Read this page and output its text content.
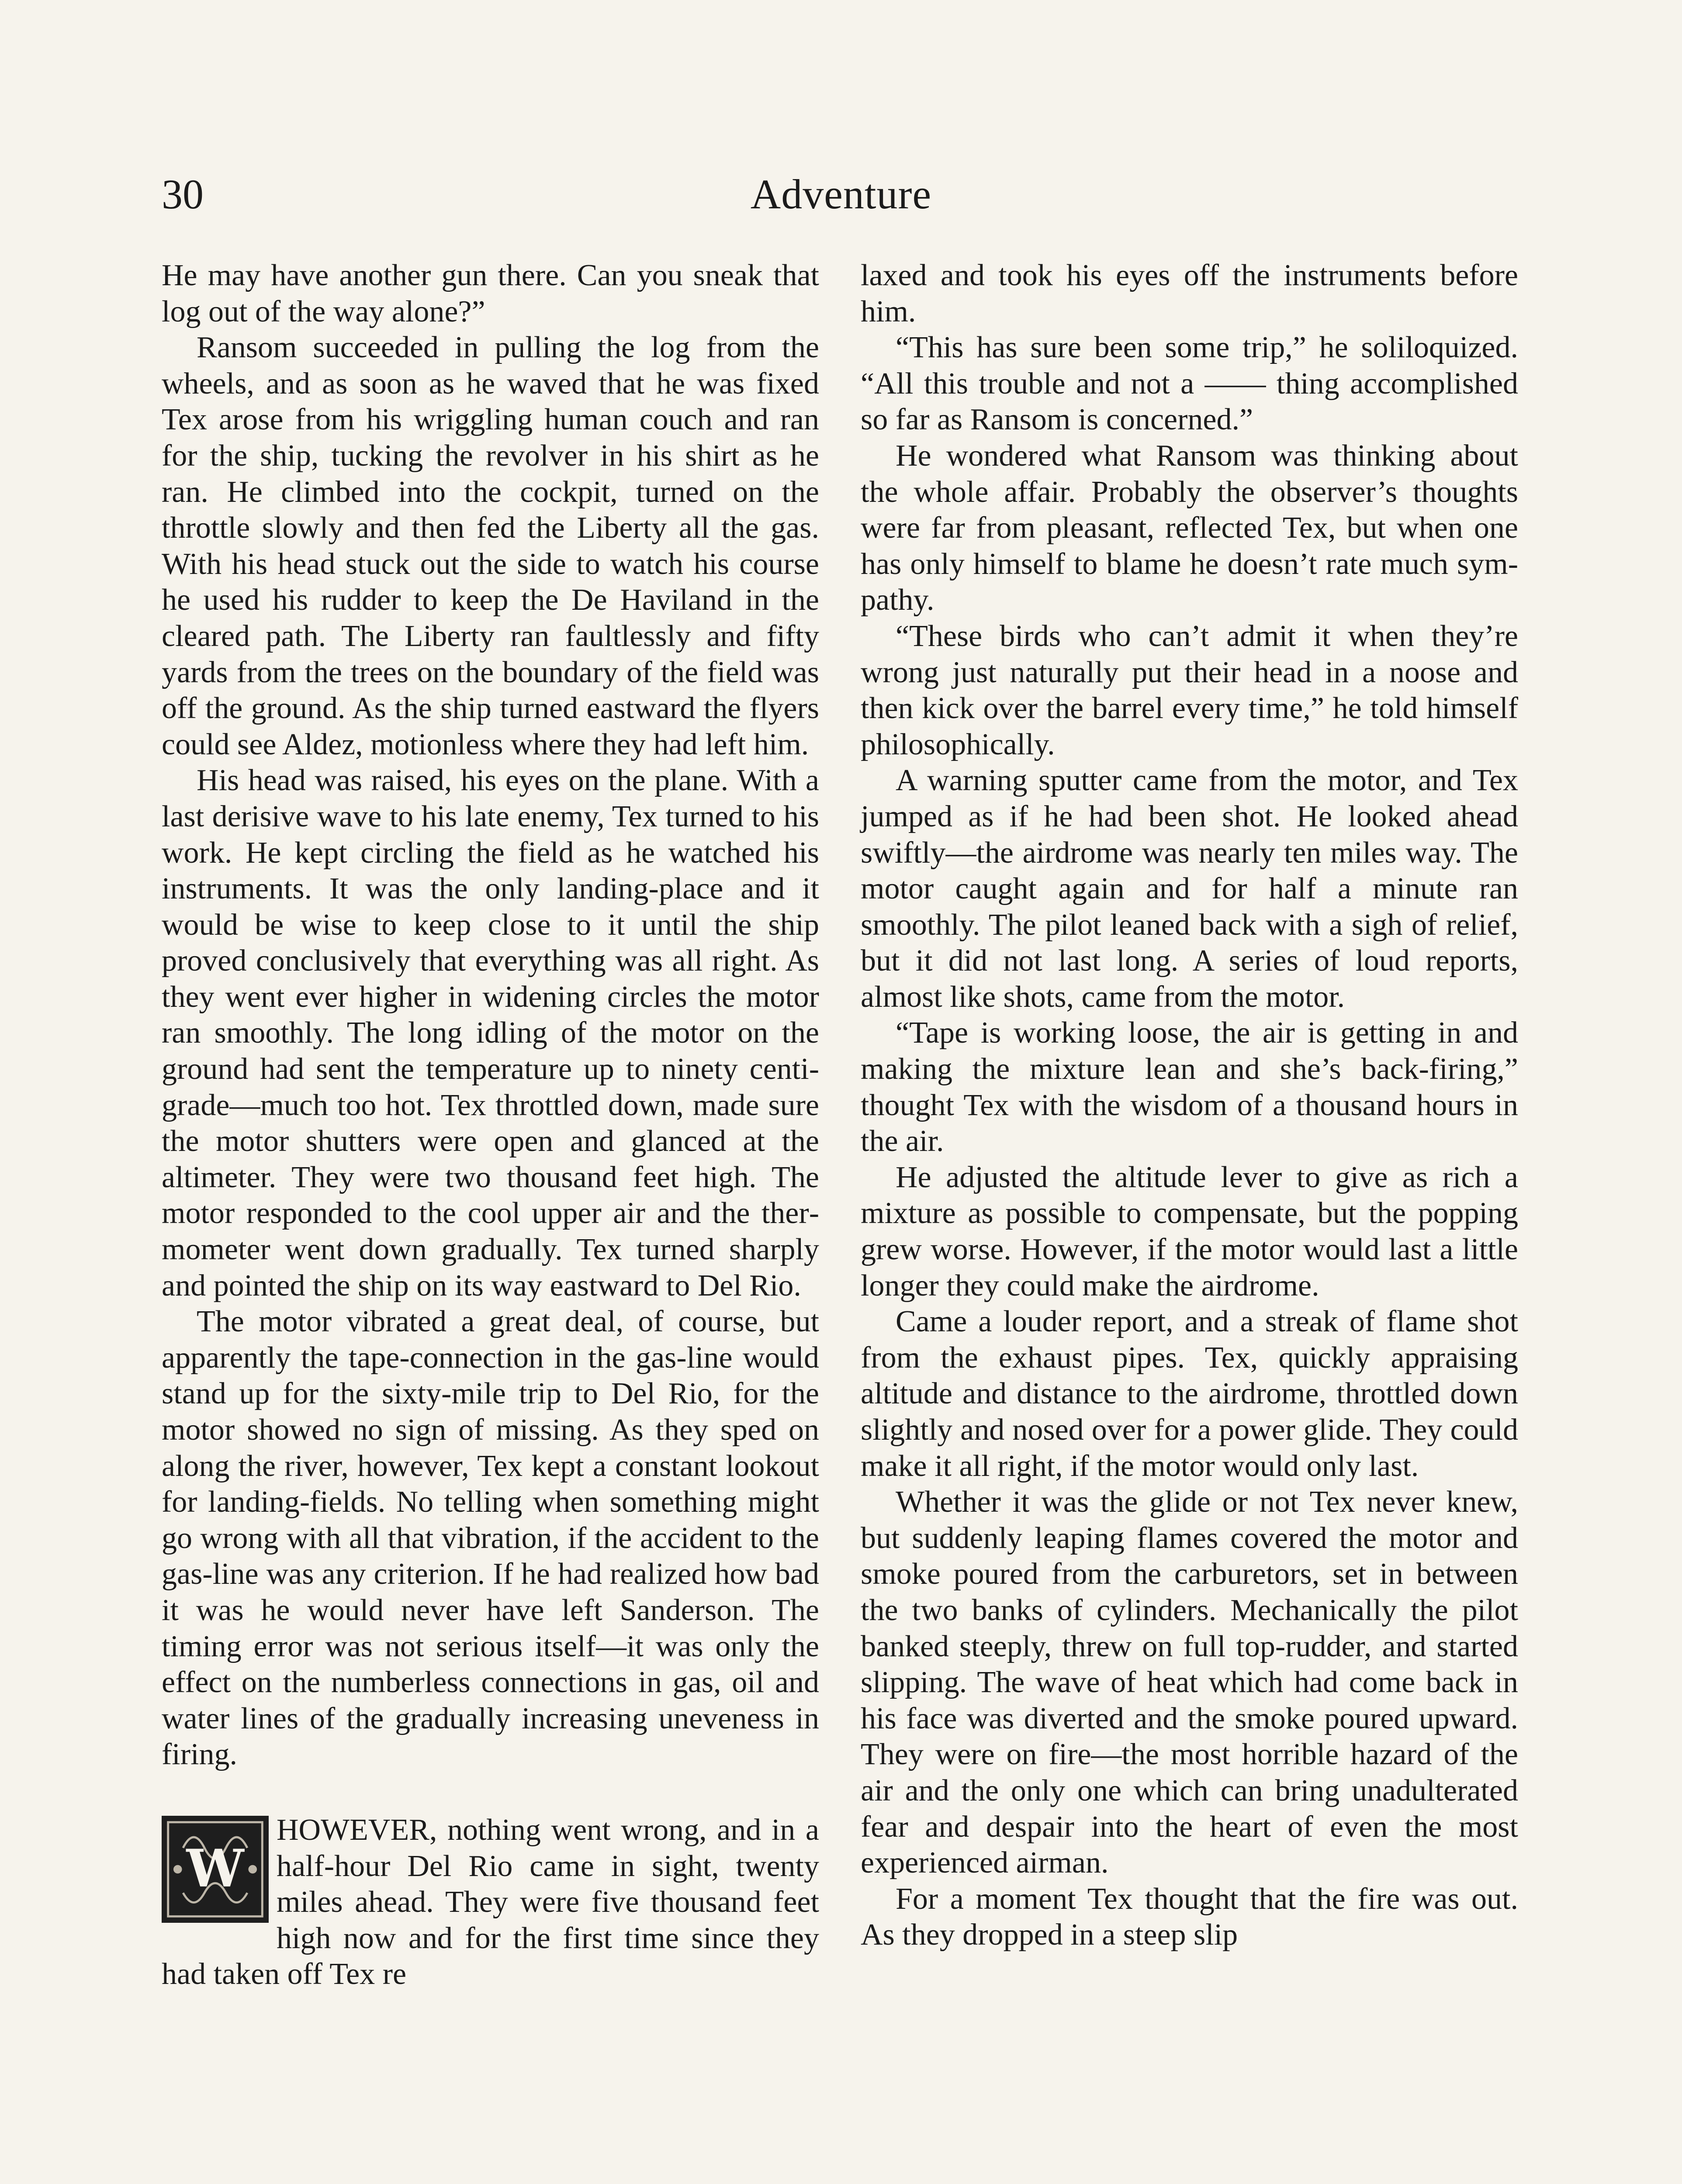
30	Adventure

He may have another gun there. Can you sneak that log out of the way alone?”

Ransom succeeded in pulling the log from the wheels, and as soon as he waved that he was fixed Tex arose from his wriggling human couch and ran for the ship, tucking the revolver in his shirt as he ran. He climbed into the cockpit, turned on the throttle slowly and then fed the Liberty all the gas. With his head stuck out the side to watch his course he used his rudder to keep the De Haviland in the cleared path. The Liberty ran faultlessly and fifty yards from the trees on the boundary of the field was off the ground. As the ship turned eastward the flyers could see Aldez, motionless where they had left him.

His head was raised, his eyes on the plane. With a last derisive wave to his late enemy, Tex turned to his work. He kept circling the field as he watched his instruments. It was the only landing-place and it would be wise to keep close to it until the ship proved conclusively that everything was all right. As they went ever higher in widening circles the motor ran smoothly. The long idling of the motor on the ground had sent the temperature up to ninety centigrade—much too hot. Tex throttled down, made sure the motor shutters were open and glanced at the altimeter. They were two thousand feet high. The motor responded to the cool upper air and the thermometer went down gradually. Tex turned sharply and pointed the ship on its way eastward to Del Rio.

The motor vibrated a great deal, of course, but apparently the tape-connection in the gas-line would stand up for the sixty-mile trip to Del Rio, for the motor showed no sign of missing. As they sped on along the river, however, Tex kept a constant lookout for landing-fields. No telling when something might go wrong with all that vibration, if the accident to the gas-line was any criterion. If he had realized how bad it was he would never have left Sanderson. The timing error was not serious itself—it was only the effect on the numberless connections in gas, oil and water lines of the gradually increasing uneveness in firing.

W

HOWEVER, nothing went wrong, and in a half-hour Del Rio came in sight, twenty miles ahead. They were five thousand feet high now and for the first time since they had taken off Tex re

laxed and took his eyes off the instruments before him.

“This has sure been some trip,” he soliloquized. “All this trouble and not a —— thing accomplished so far as Ransom is concerned.”

He wondered what Ransom was thinking about the whole affair. Probably the observer’s thoughts were far from pleasant, reflected Tex, but when one has only himself to blame he doesn’t rate much sympathy.

“These birds who can’t admit it when they’re wrong just naturally put their head in a noose and then kick over the barrel every time,” he told himself philosophically.

A warning sputter came from the motor, and Tex jumped as if he had been shot. He looked ahead swiftly—the airdrome was nearly ten miles way. The motor caught again and for half a minute ran smoothly. The pilot leaned back with a sigh of relief, but it did not last long. A series of loud reports, almost like shots, came from the motor.

“Tape is working loose, the air is getting in and making the mixture lean and she’s back-firing,” thought Tex with the wisdom of a thousand hours in the air.

He adjusted the altitude lever to give as rich a mixture as possible to compensate, but the popping grew worse. However, if the motor would last a little longer they could make the airdrome.

Came a louder report, and a streak of flame shot from the exhaust pipes. Tex, quickly appraising altitude and distance to the airdrome, throttled down slightly and nosed over for a power glide. They could make it all right, if the motor would only last.

Whether it was the glide or not Tex never knew, but suddenly leaping flames covered the motor and smoke poured from the carburetors, set in between the two banks of cylinders. Mechanically the pilot banked steeply, threw on full top-rudder, and started slipping. The wave of heat which had come back in his face was diverted and the smoke poured upward. They were on fire—the most horrible hazard of the air and the only one which can bring unadulterated fear and despair into the heart of even the most experienced airman.

For a moment Tex thought that the fire was out. As they dropped in a steep slip
